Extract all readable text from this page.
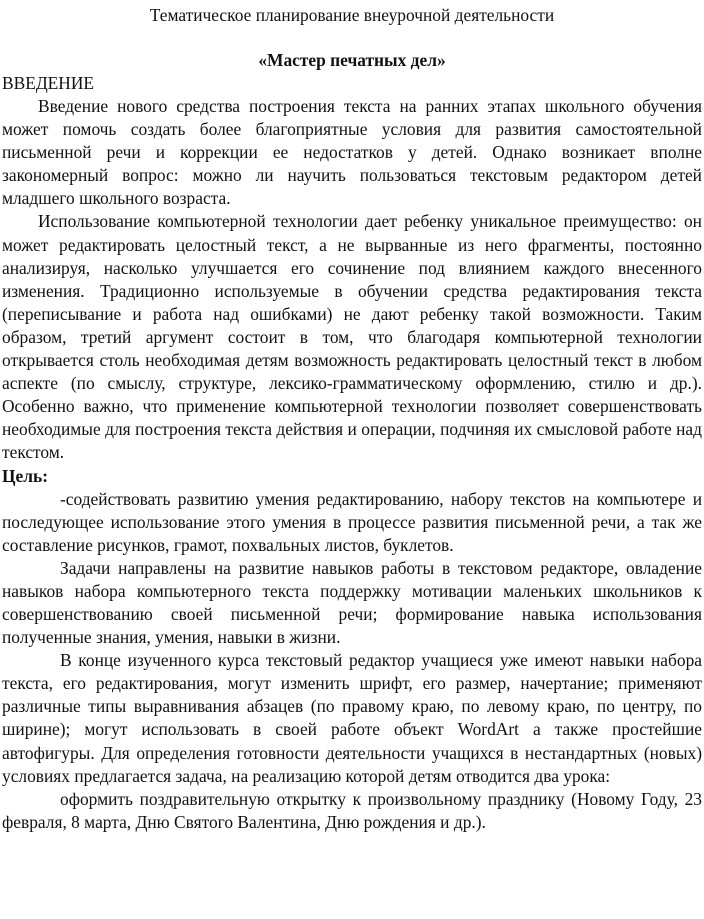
Тематическое планирование внеурочной деятельности

«Мастер печатных дел»

ВВЕДЕНИЕ

Введение нового средства построения текста на ранних этапах школьного обучения может помочь создать более благоприятные условия для развития самостоятельной письменной речи и коррекции ее недостатков у детей. Однако возникает вполне закономерный вопрос: можно ли научить пользоваться текстовым редактором детей младшего школьного возраста.

Использование компьютерной технологии дает ребенку уникальное преимущество: он может редактировать целостный текст, а не вырванные из него фрагменты, постоянно анализируя, насколько улучшается его сочинение под влиянием каждого внесенного изменения. Традиционно используемые в обучении средства редактирования текста (переписывание и работа над ошибками) не дают ребенку такой возможности. Таким образом, третий аргумент состоит в том, что благодаря компьютерной технологии открывается столь необходимая детям возможность редактировать целостный текст в любом аспекте (по смыслу, структуре, лексико-грамматическому оформлению, стилю и др.). Особенно важно, что применение компьютерной технологии позволяет совершенствовать необходимые для построения текста действия и операции, подчиняя их смысловой работе над текстом.

Цель:

-содействовать развитию умения редактированию, набору текстов на компьютере и последующее использование этого умения в процессе развития письменной речи, а так же составление рисунков, грамот, похвальных листов, буклетов.

Задачи направлены на развитие навыков работы в текстовом редакторе, овладение навыков набора компьютерного текста поддержку мотивации маленьких школьников к совершенствованию своей письменной речи; формирование навыка использования полученные знания, умения, навыки в жизни.

В конце изученного курса текстовый редактор учащиеся уже имеют навыки набора текста, его редактирования, могут изменить шрифт, его размер, начертание; применяют различные типы выравнивания абзацев (по правому краю, по левому краю, по центру, по ширине); могут использовать в своей работе объект WordArt а также простейшие автофигуры. Для определения готовности деятельности учащихся в нестандартных (новых) условиях предлагается задача, на реализацию которой детям отводится два урока:

оформить поздравительную открытку к произвольному празднику (Новому Году, 23 февраля, 8 марта, Дню Святого Валентина, Дню рождения и др.).
